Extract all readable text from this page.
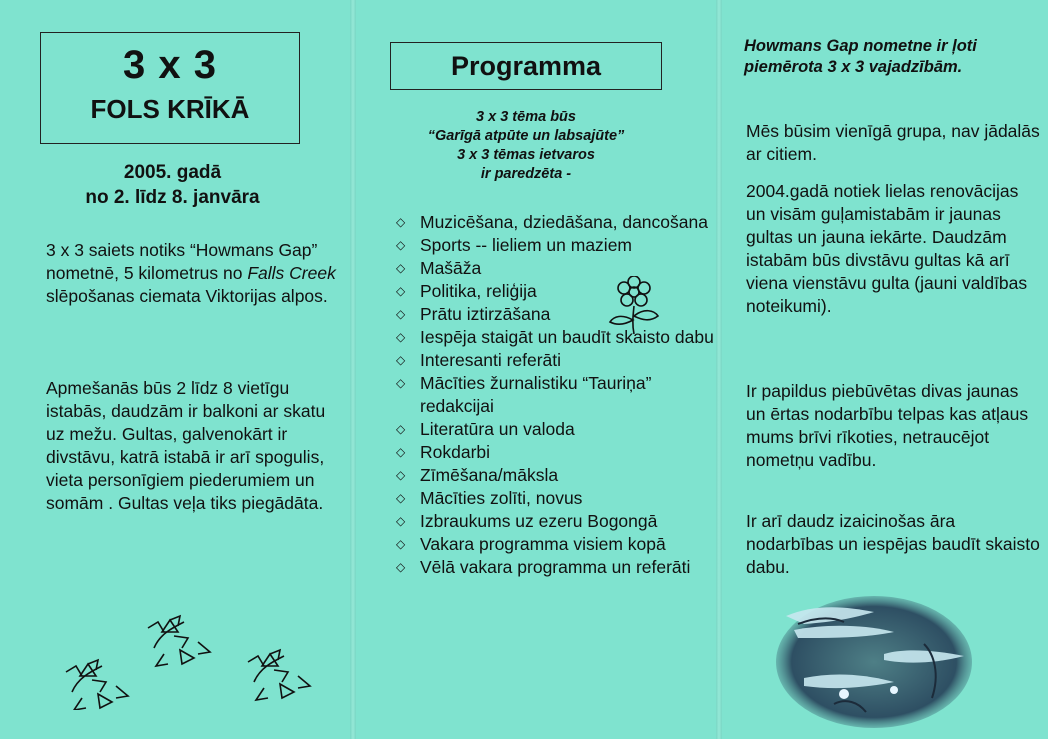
3 x 3
FOLS KRĪKĀ
2005. gadā
no 2. līdz 8. janvāra

3 x 3 saiets notiks “Howmans Gap” nometnē, 5 kilometrus no Falls Creek slēpošanas ciemata Viktorijas alpos.

Apmešanās būs 2 līdz 8 vietīgu istabās, daudzām ir balkoni ar skatu uz mežu. Gultas, galvenokārt ir divstāvu, katrā istabā ir arī spogulis, vieta personīgiem piederumiem un somām . Gultas veļa tiks piegādāta.

Programma
3 x 3 tēma būs
“Garīgā atpūte un labsajūte”
3 x 3 tēmas ietvaros
ir paredzēta -
◇ Muzicēšana, dziedāšana, dancošana
◇ Sports -- lieliem un maziem
◇ Mašāža
◇ Politika, reliģija
◇ Prātu iztirzāšana
◇ Iespēja staigāt un baudīt skaisto dabu
◇ Interesanti referāti
◇ Mācīties žurnalistiku “Tauriņa” redakcijai
◇ Literatūra un valoda
◇ Rokdarbi
◇ Zīmēšana/māksla
◇ Mācīties zolīti, novus
◇ Izbraukums uz ezeru Bogongā
◇ Vakara programma visiem kopā
◇ Vēlā vakara programma un referāti
Howmans Gap nometne ir ļoti piemērota 3 x 3 vajadzībām.

Mēs būsim vienīgā grupa, nav jādalās ar citiem.

2004.gadā notiek lielas renovācijas un visām guļamistabām ir jaunas gultas un jauna iekārte. Daudzām istabām būs divstāvu gultas kā arī viena vienstāvu gulta (jauni valdības noteikumi).

Ir papildus piebūvētas divas jaunas un ērtas nodarbību telpas kas atļaus mums brīvi rīkoties, netraucējot nometņu vadību.

Ir arī daudz izaicinošas āra nodarbības un iespējas baudīt skaisto dabu.
